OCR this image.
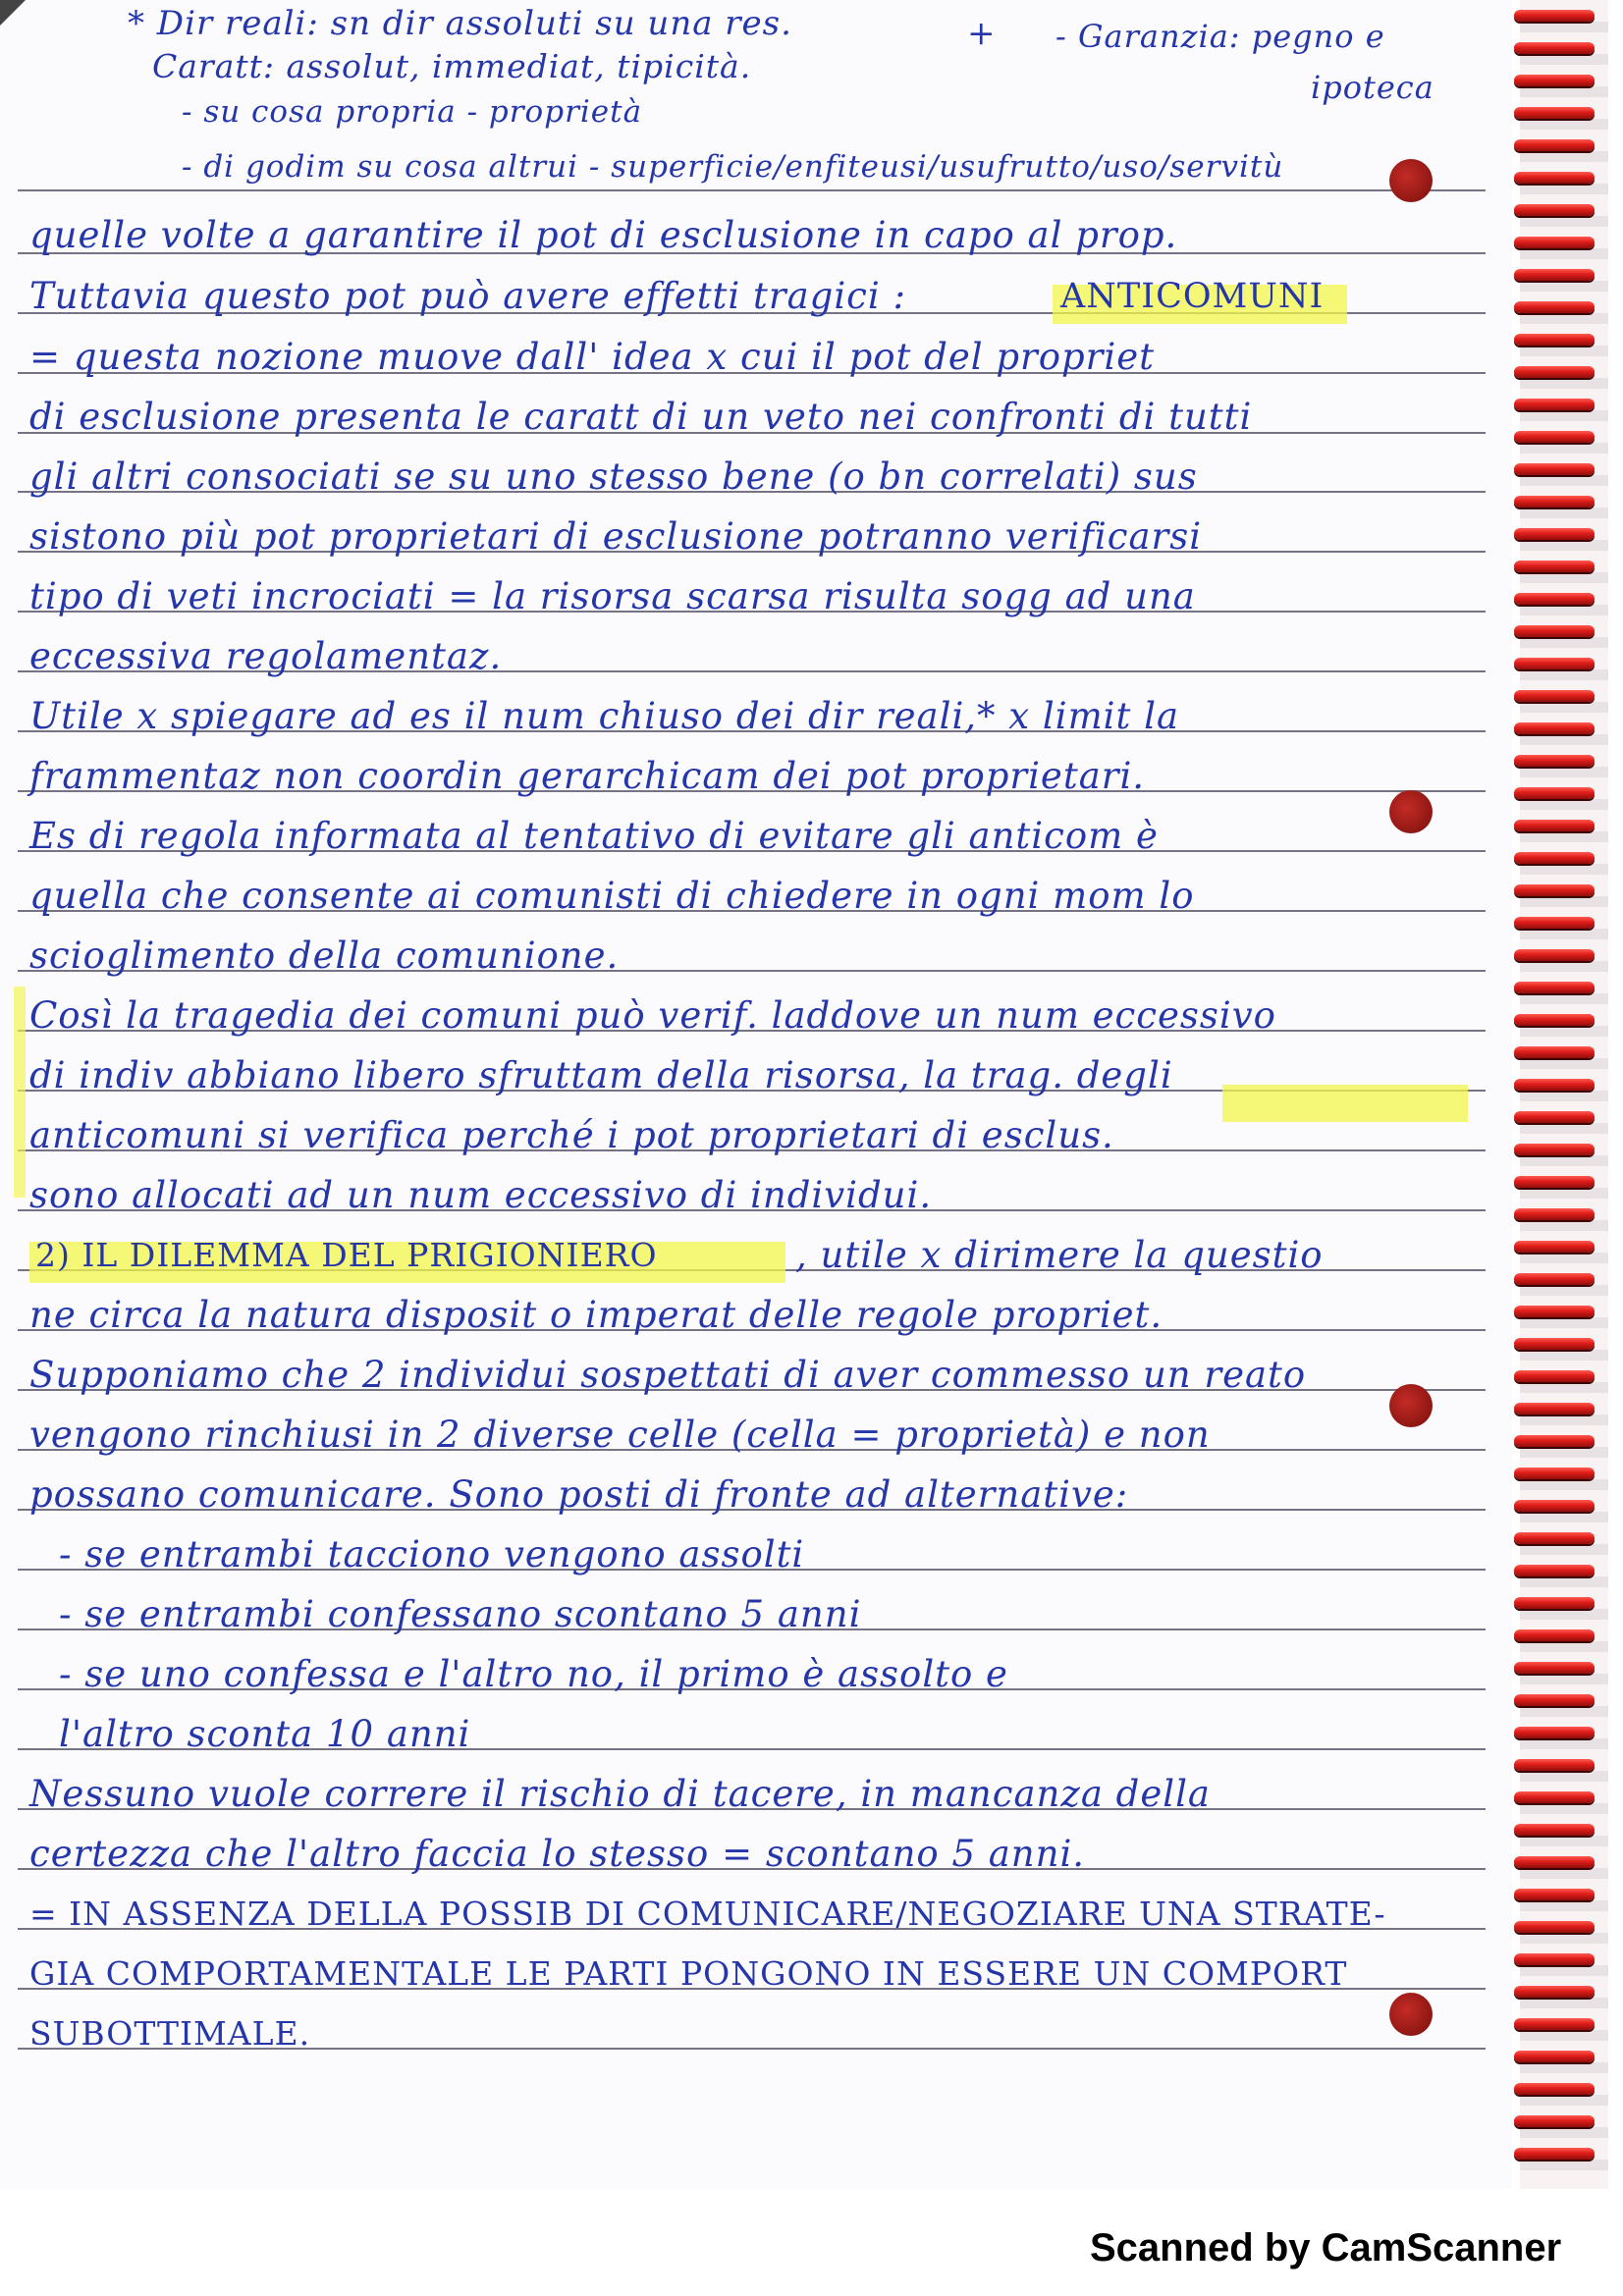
* Dir reali: sn dir assoluti su una res.	+ - Garanzia: pegno e
ipoteca
Caratt: assolut, immediat, tipicità.
- su cosa propria - proprietà
- di godim su cosa altrui - superficie/enfiteusi/usufrutto/uso/servitù
quelle volte a garantire il pot di esclusione in capo al prop.
Tuttavia questo pot può avere effetti tragici :	ANTICOMUNI
= questa nozione muove dall' idea x cui il pot del propriet
di esclusione presenta le caratt di un veto nei confronti di tutti
gli altri consociati se su uno stesso bene (o bn correlati) sus
sistono più pot proprietari di esclusione potranno verificarsi
tipo di veti incrociati = la risorsa scarsa risulta sogg ad una
eccessiva regolamentaz.
Utile x spiegare ad es il num chiuso dei dir reali,* x limit la
frammentaz non coordin gerarchicam dei pot proprietari.
Es di regola informata al tentativo di evitare gli anticom è
quella che consente ai comunisti di chiedere in ogni mom lo
scioglimento della comunione.
Così la tragedia dei comuni può verif. laddove un num eccessivo
di indiv abbiano libero sfruttam della risorsa, la trag. degli
anticomuni si verifica perché i pot proprietari di esclus.
sono allocati ad un num eccessivo di individui.
2) IL DILEMMA DEL PRIGIONIERO	, utile x dirimere la questio
ne circa la natura disposit o imperat delle regole propriet.
Supponiamo che 2 individui sospettati di aver commesso un reato
vengono rinchiusi in 2 diverse celle (cella = proprietà) e non
possano comunicare. Sono posti di fronte ad alternative:
- se entrambi tacciono vengono assolti
- se entrambi confessano scontano 5 anni
- se uno confessa e l'altro no, il primo è assolto e
l'altro sconta 10 anni
Nessuno vuole correre il rischio di tacere, in mancanza della
certezza che l'altro faccia lo stesso = scontano 5 anni.
= IN ASSENZA DELLA POSSIB DI COMUNICARE/NEGOZIARE UNA STRATE-
GIA COMPORTAMENTALE LE PARTI PONGONO IN ESSERE UN COMPORT
SUBOTTIMALE.
Scanned by CamScanner
